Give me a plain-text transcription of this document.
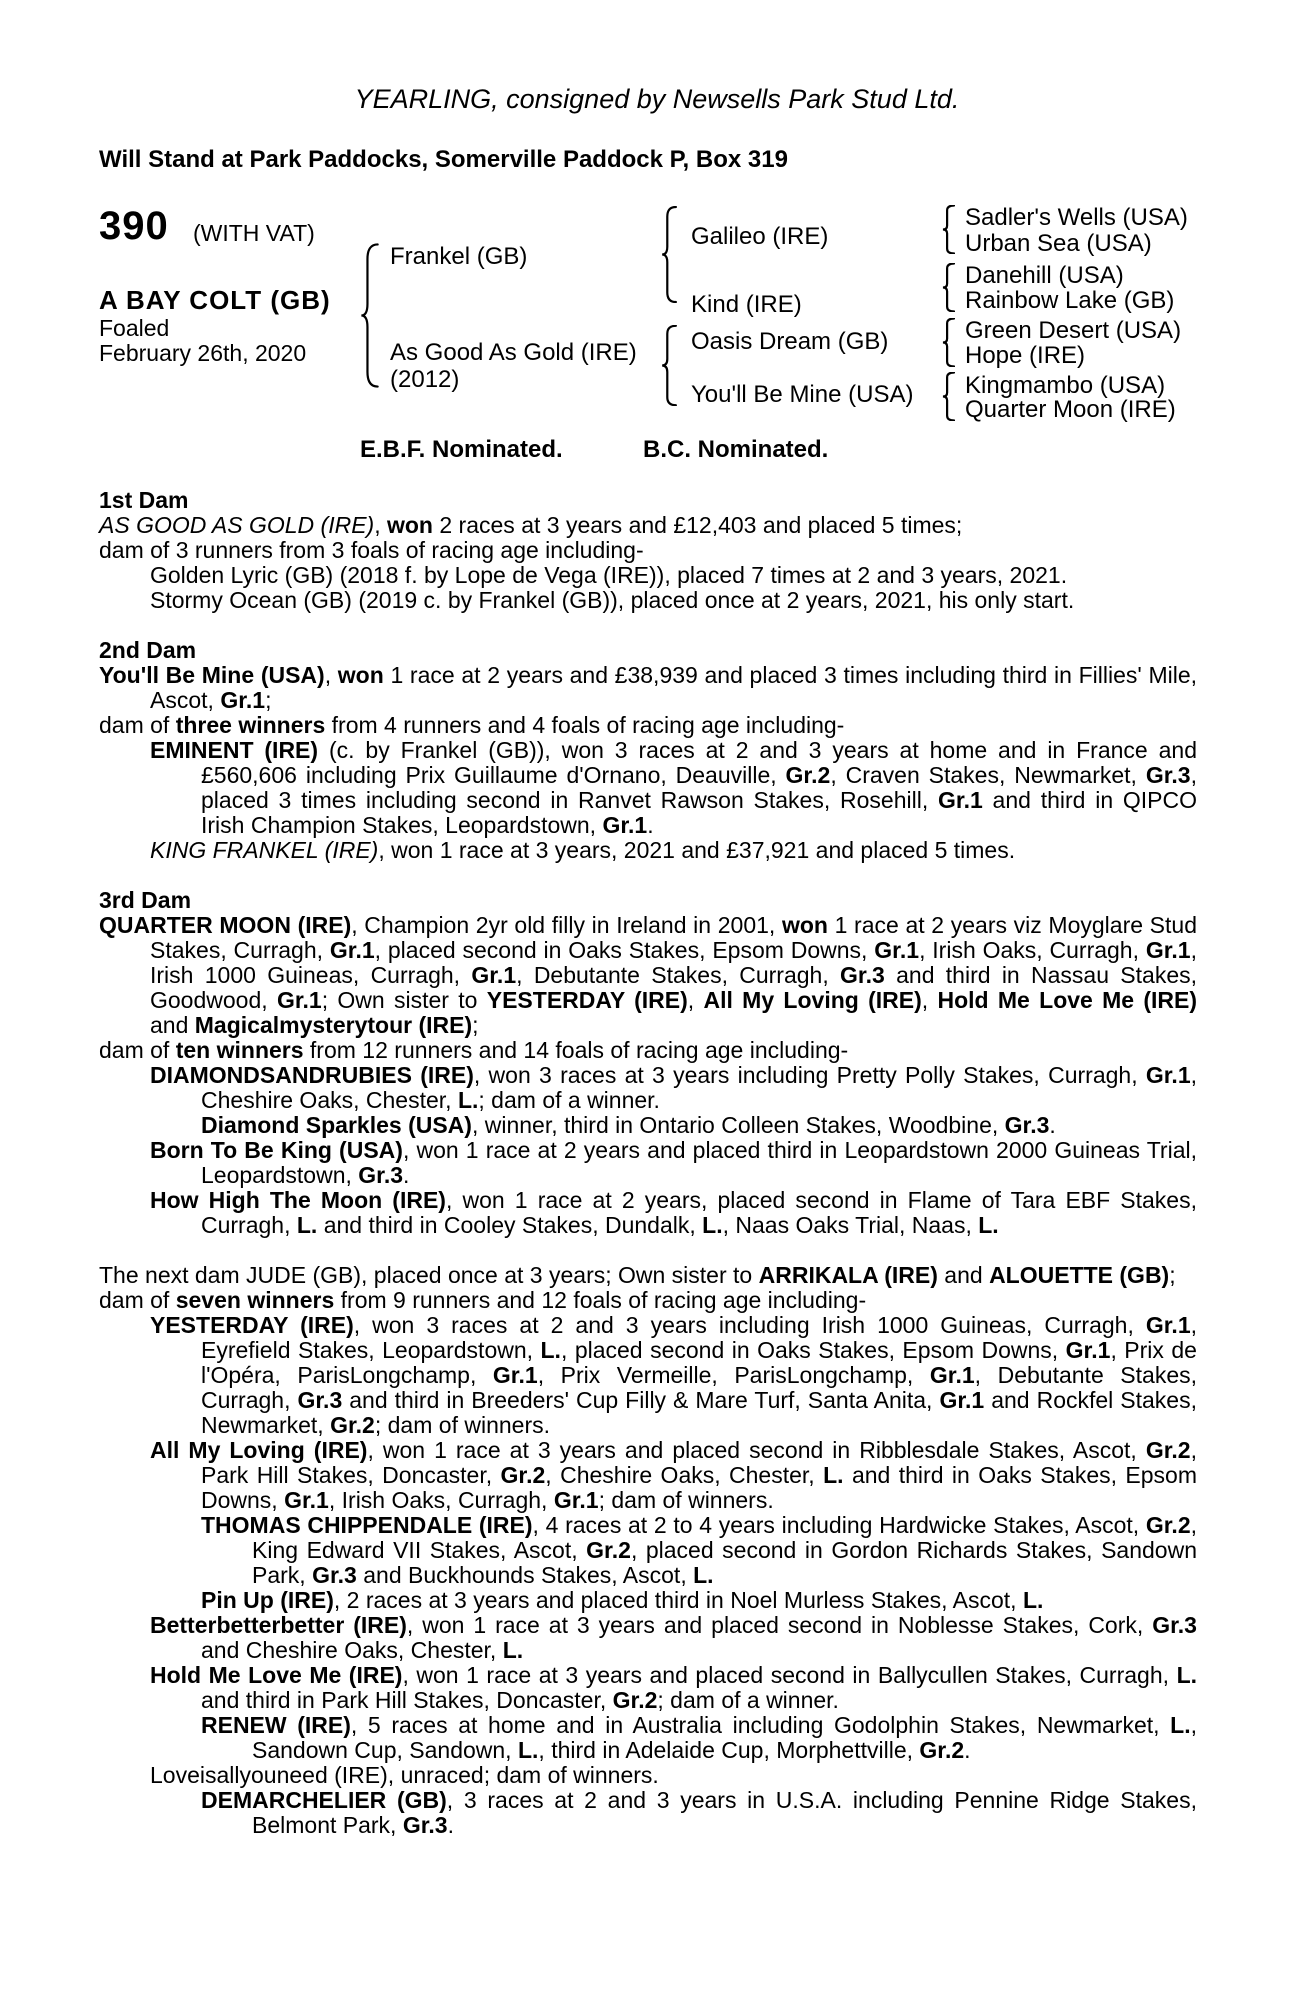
YEARLING, consigned by Newsells Park Stud Ltd.
Will Stand at Park Paddocks, Somerville Paddock P, Box 319
390 (WITH VAT)
A BAY COLT (GB)
Foaled
February 26th, 2020
Frankel (GB)
As Good As Gold (IRE)
(2012)
Galileo (IRE)
Kind (IRE)
Oasis Dream (GB)
You'll Be Mine (USA)
Sadler's Wells (USA)
Urban Sea (USA)
Danehill (USA)
Rainbow Lake (GB)
Green Desert (USA)
Hope (IRE)
Kingmambo (USA)
Quarter Moon (IRE)
E.B.F. Nominated.	B.C. Nominated.
1st Dam

AS GOOD AS GOLD (IRE), won 2 races at 3 years and £12,403 and placed 5 times;

dam of 3 runners from 3 foals of racing age including-

Golden Lyric (GB) (2018 f. by Lope de Vega (IRE)), placed 7 times at 2 and 3 years, 2021.

Stormy Ocean (GB) (2019 c. by Frankel (GB)), placed once at 2 years, 2021, his only start.

2nd Dam

You'll Be Mine (USA), won 1 race at 2 years and £38,939 and placed 3 times including third in Fillies' Mile, Ascot, Gr.1;

dam of three winners from 4 runners and 4 foals of racing age including-

EMINENT (IRE) (c. by Frankel (GB)), won 3 races at 2 and 3 years at home and in France and £560,606 including Prix Guillaume d'Ornano, Deauville, Gr.2, Craven Stakes, Newmarket, Gr.3, placed 3 times including second in Ranvet Rawson Stakes, Rosehill, Gr.1 and third in QIPCO Irish Champion Stakes, Leopardstown, Gr.1.

KING FRANKEL (IRE), won 1 race at 3 years, 2021 and £37,921 and placed 5 times.

3rd Dam

QUARTER MOON (IRE), Champion 2yr old filly in Ireland in 2001, won 1 race at 2 years viz Moyglare Stud Stakes, Curragh, Gr.1, placed second in Oaks Stakes, Epsom Downs, Gr.1, Irish Oaks, Curragh, Gr.1, Irish 1000 Guineas, Curragh, Gr.1, Debutante Stakes, Curragh, Gr.3 and third in Nassau Stakes, Goodwood, Gr.1; Own sister to YESTERDAY (IRE), All My Loving (IRE), Hold Me Love Me (IRE) and Magicalmysterytour (IRE);

dam of ten winners from 12 runners and 14 foals of racing age including-

DIAMONDSANDRUBIES (IRE), won 3 races at 3 years including Pretty Polly Stakes, Curragh, Gr.1, Cheshire Oaks, Chester, L.; dam of a winner.

Diamond Sparkles (USA), winner, third in Ontario Colleen Stakes, Woodbine, Gr.3.

Born To Be King (USA), won 1 race at 2 years and placed third in Leopardstown 2000 Guineas Trial, Leopardstown, Gr.3.

How High The Moon (IRE), won 1 race at 2 years, placed second in Flame of Tara EBF Stakes, Curragh, L. and third in Cooley Stakes, Dundalk, L., Naas Oaks Trial, Naas, L.

The next dam JUDE (GB), placed once at 3 years; Own sister to ARRIKALA (IRE) and ALOUETTE (GB);

dam of seven winners from 9 runners and 12 foals of racing age including-

YESTERDAY (IRE), won 3 races at 2 and 3 years including Irish 1000 Guineas, Curragh, Gr.1, Eyrefield Stakes, Leopardstown, L., placed second in Oaks Stakes, Epsom Downs, Gr.1, Prix de l'Opéra, ParisLongchamp, Gr.1, Prix Vermeille, ParisLongchamp, Gr.1, Debutante Stakes, Curragh, Gr.3 and third in Breeders' Cup Filly & Mare Turf, Santa Anita, Gr.1 and Rockfel Stakes, Newmarket, Gr.2; dam of winners.

All My Loving (IRE), won 1 race at 3 years and placed second in Ribblesdale Stakes, Ascot, Gr.2, Park Hill Stakes, Doncaster, Gr.2, Cheshire Oaks, Chester, L. and third in Oaks Stakes, Epsom Downs, Gr.1, Irish Oaks, Curragh, Gr.1; dam of winners.

THOMAS CHIPPENDALE (IRE), 4 races at 2 to 4 years including Hardwicke Stakes, Ascot, Gr.2, King Edward VII Stakes, Ascot, Gr.2, placed second in Gordon Richards Stakes, Sandown Park, Gr.3 and Buckhounds Stakes, Ascot, L.

Pin Up (IRE), 2 races at 3 years and placed third in Noel Murless Stakes, Ascot, L.

Betterbetterbetter (IRE), won 1 race at 3 years and placed second in Noblesse Stakes, Cork, Gr.3 and Cheshire Oaks, Chester, L.

Hold Me Love Me (IRE), won 1 race at 3 years and placed second in Ballycullen Stakes, Curragh, L. and third in Park Hill Stakes, Doncaster, Gr.2; dam of a winner.

RENEW (IRE), 5 races at home and in Australia including Godolphin Stakes, Newmarket, L., Sandown Cup, Sandown, L., third in Adelaide Cup, Morphettville, Gr.2.

Loveisallyouneed (IRE), unraced; dam of winners.

DEMARCHELIER (GB), 3 races at 2 and 3 years in U.S.A. including Pennine Ridge Stakes, Belmont Park, Gr.3.
